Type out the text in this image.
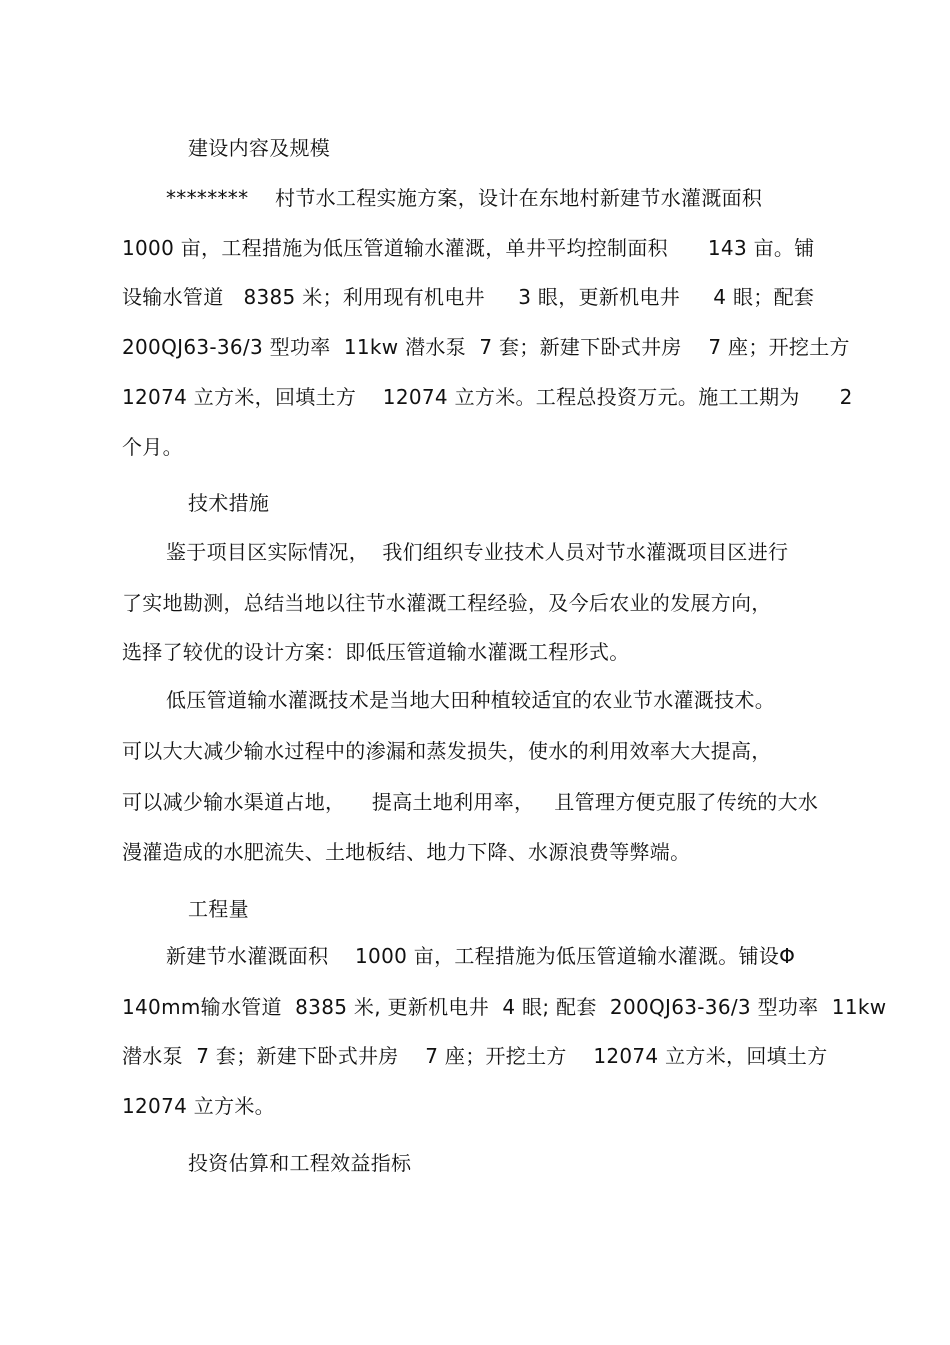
建设内容及规模
********    村节水工程实施方案，设计在东地村新建节水灌溉面积
1000 亩，工程措施为低压管道输水灌溉，单井平均控制面积      143 亩。铺
设输水管道   8385 米；利用现有机电井     3 眼，更新机电井     4 眼；配套
200QJ63-36/3 型功率  11kw 潜水泵  7 套；新建下卧式井房    7 座；开挖土方
12074 立方米，回填土方    12074 立方米。工程总投资万元。施工工期为      2
个月。
技术措施
鉴于项目区实际情况，  我们组织专业技术人员对节水灌溉项目区进行
了实地勘测，总结当地以往节水灌溉工程经验，及今后农业的发展方向，
选择了较优的设计方案：即低压管道输水灌溉工程形式。
低压管道输水灌溉技术是当地大田种植较适宜的农业节水灌溉技术。
可以大大减少输水过程中的渗漏和蒸发损失，使水的利用效率大大提高，
可以减少输水渠道占地，    提高土地利用率，   且管理方便克服了传统的大水
漫灌造成的水肥流失、土地板结、地力下降、水源浪费等弊端。
工程量
新建节水灌溉面积    1000 亩，工程措施为低压管道输水灌溉。铺设Φ
140mm输水管道  8385 米, 更新机电井  4 眼; 配套  200QJ63-36/3 型功率  11kw
潜水泵  7 套；新建下卧式井房    7 座；开挖土方    12074 立方米，回填土方
12074 立方米。
投资估算和工程效益指标
